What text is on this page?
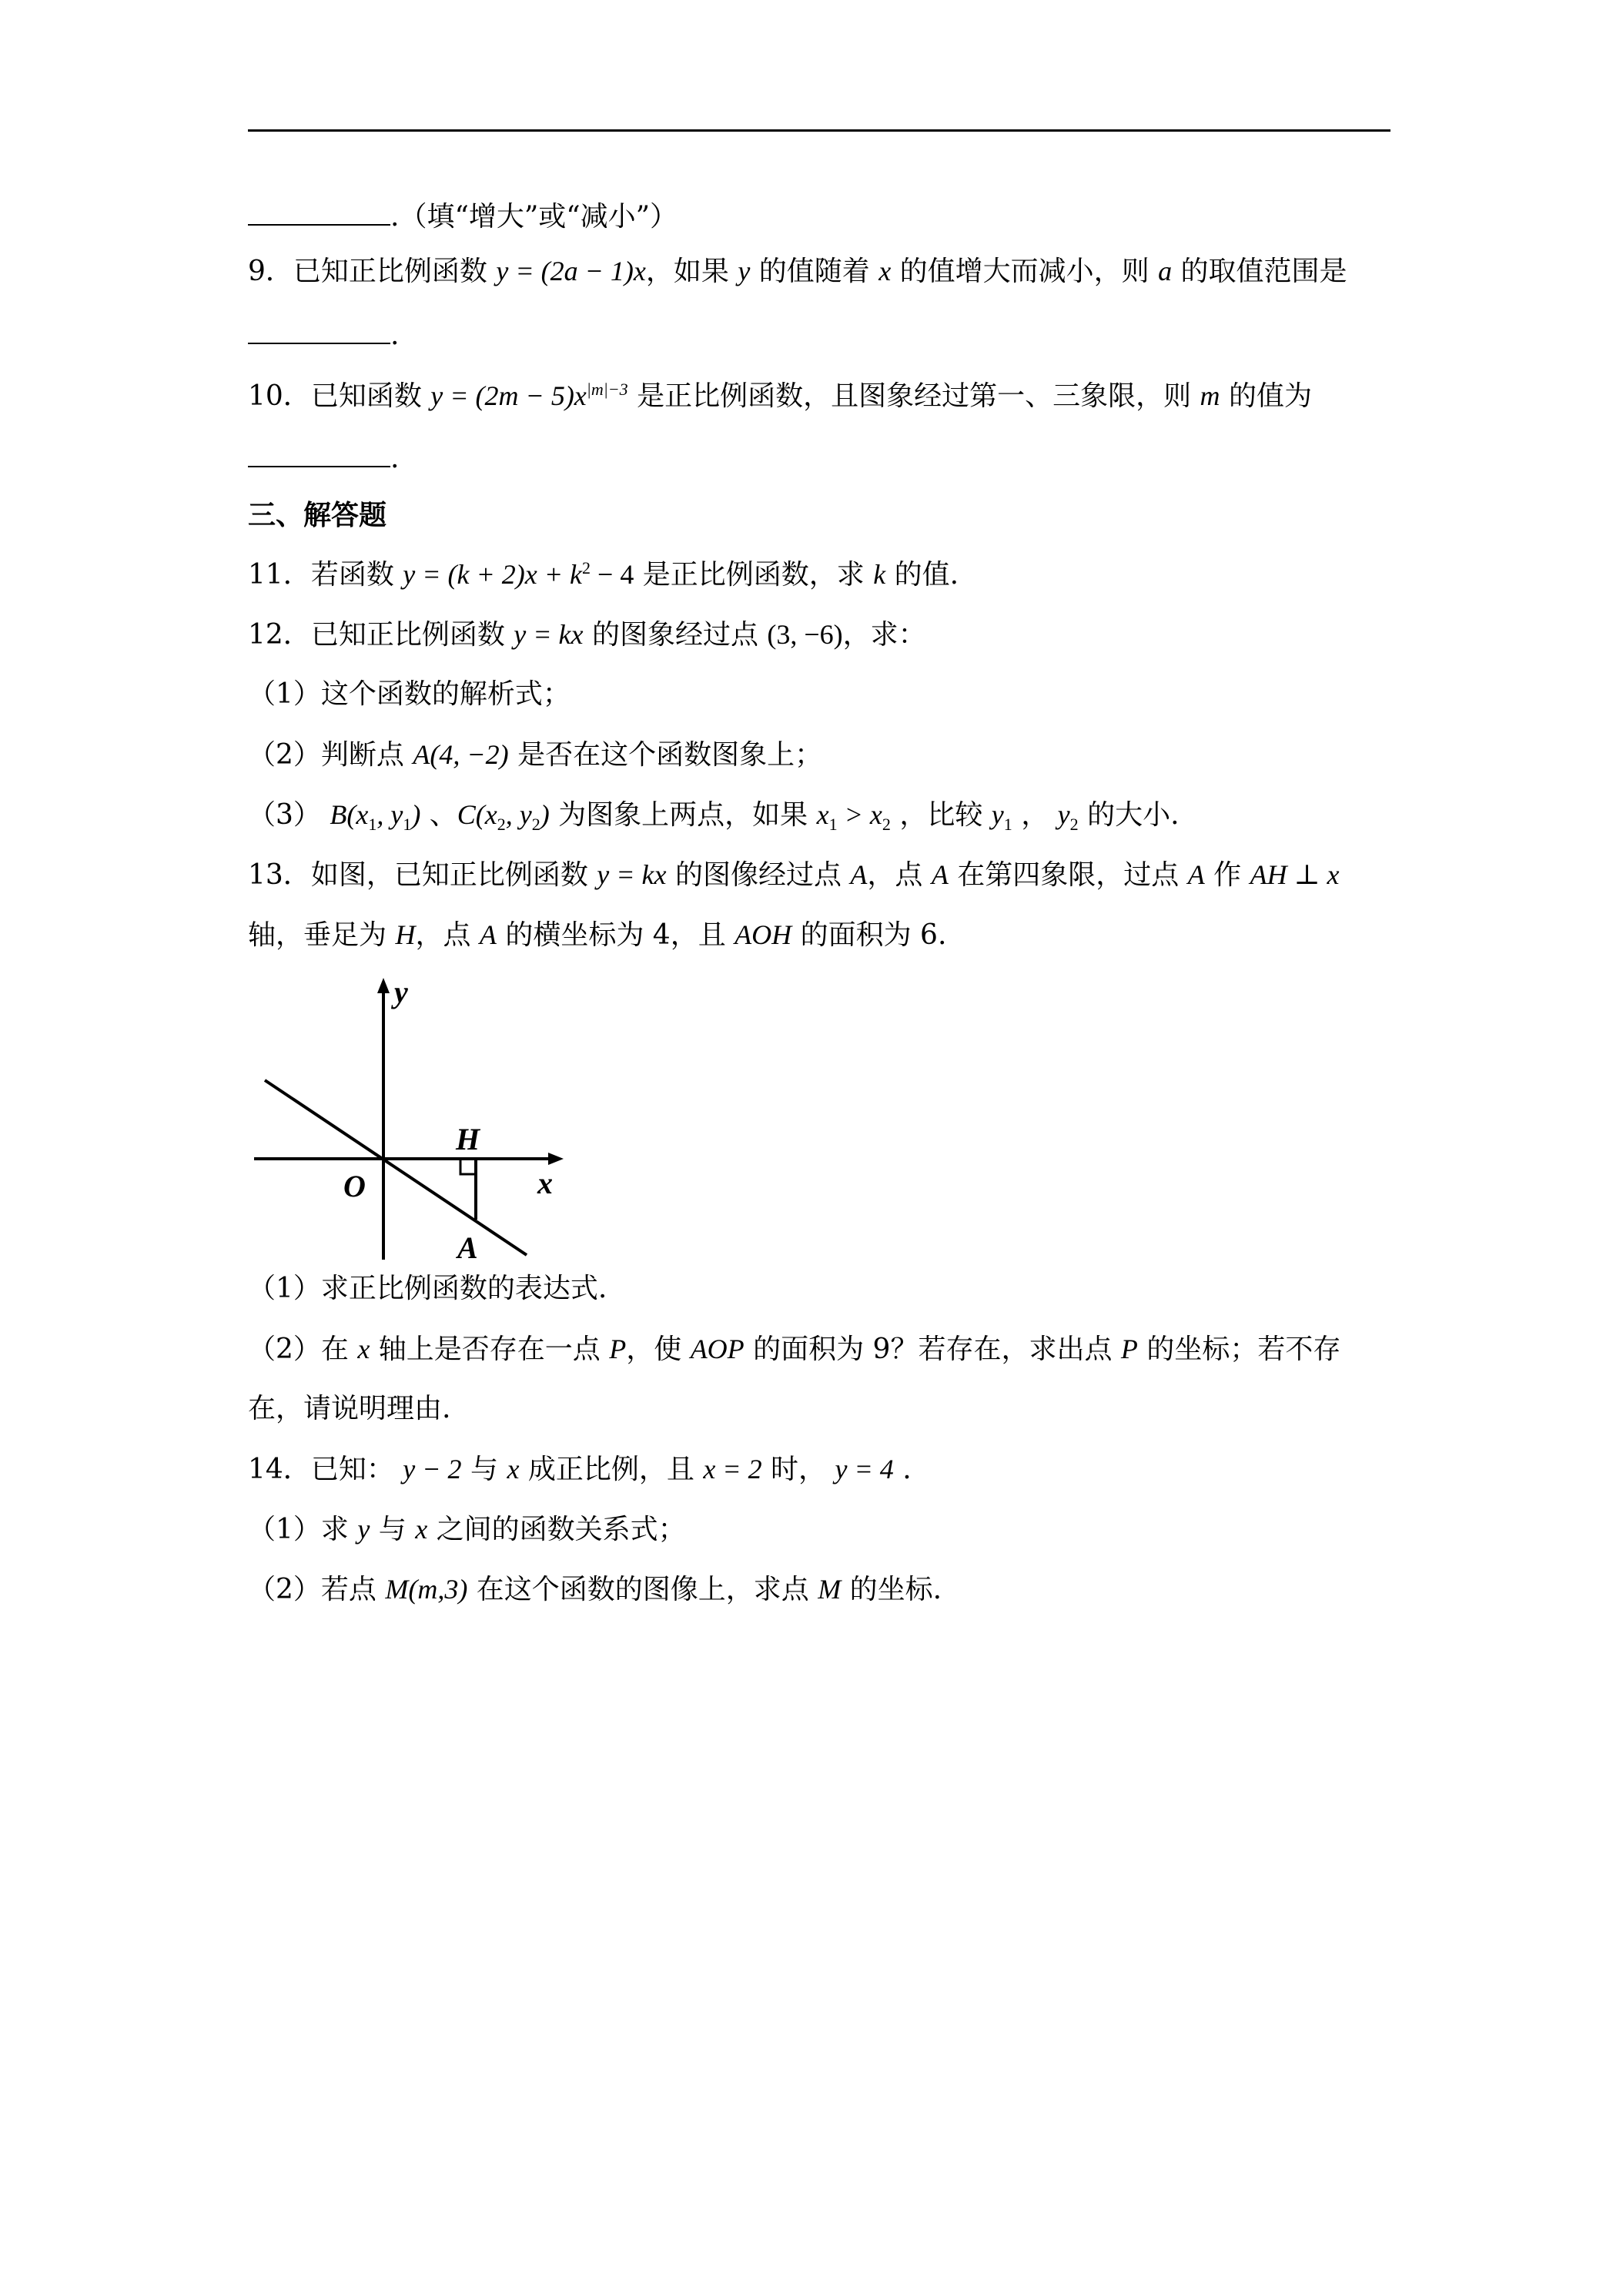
.（填“增大”或“减小”）
9．已知正比例函数 y = (2a − 1)x，如果 y 的值随着 x 的值增大而减小，则 a 的取值范围是
.
10．已知函数 $y = (2m - 5)x^{|m|-3}$ 是正比例函数，且图象经过第一、三象限，则 m 的值为
.
三、解答题
11．若函数 $y = (k + 2)x + k^2 - 4$ 是正比例函数，求 k 的值.
12．已知正比例函数 y = kx 的图象经过点 (3, −6)，求：
（1）这个函数的解析式；
（2）判断点 A(4, −2) 是否在这个函数图象上；
（3） $B(x_1$, $y_1$) 、$C(x_2$, $y_2$) 为图象上两点，如果 $x_1 > x_2$ ，比较 $y_1$ ， $y_2$ 的大小.
13．如图，已知正比例函数 y = kx 的图像经过点 A，点 A 在第四象限，过点 A 作 AH ⊥ x
轴，垂足为 H，点 A 的横坐标为 4，且 AOH 的面积为 6.
y
x
O
H
A
（1）求正比例函数的表达式.
（2）在 x 轴上是否存在一点 P，使 AOP 的面积为 9？若存在，求出点 P 的坐标；若不存
在，请说明理由.
14．已知： y − 2 与 x 成正比例，且 x = 2 时， y = 4 .
（1）求 y 与 x 之间的函数关系式；
（2）若点 M(m,3) 在这个函数的图像上，求点 M 的坐标.
